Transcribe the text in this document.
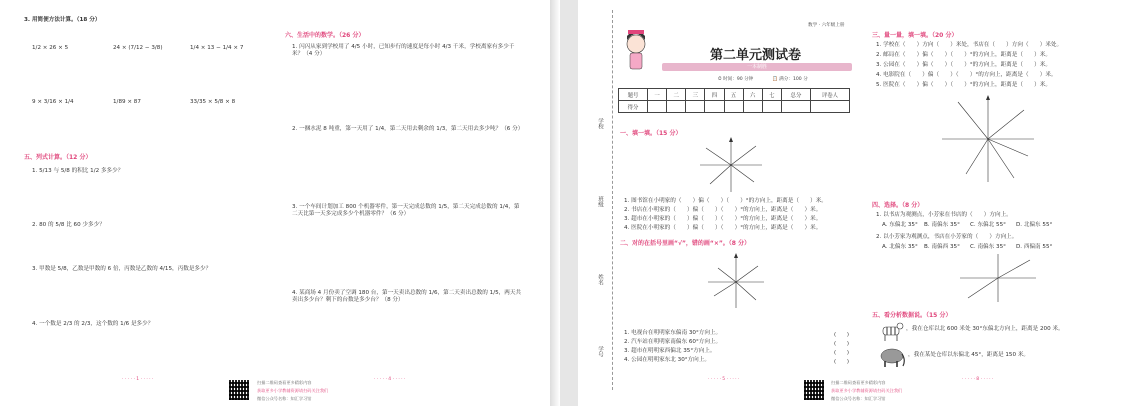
3. 用简便方法计算。（18 分）
1/2 × 26 × 5	24 × (7/12 − 3/8)	1/4 × 13 − 1/4 × 7
9 × 3/16 × 1/4	1/89 × 87	33/35 × 5/8 × 8
五、列式计算。（12 分）
1. 5/13 与 5/8 的积比 1/2 多多少？
2. 80 的 5/8 比 60 少多少？
3. 甲数是 5/8，乙数是甲数的 6 倍，丙数是乙数的 4/15，丙数是多少？
4. 一个数是 2/3 的 2/3，这个数的 1/6 是多少？
六、生活中的数学。（26 分）
1. 闪闪从家到学校用了 4/5 小时，已知步行的速度是每小时 4/3 千米，学校离家有多少千米？（4 分）
2. 一捆水泥 8 吨重，第一天用了 1/4，第二天用去剩余的 1/3，第二天用去多少吨？（6 分）
3. 一个车间计划加工 800 个机器零件，第一天完成总数的 1/5，第二天完成总数的 1/4，第二天比第一天多完成多少个机器零件？（6 分）
4. 某商场 4 月份卖了空调 180 台，第一天卖出总数的 1/6，第二天卖出总数的 1/5，两天共卖出多少台？剩下的台数是多少台？（8 分）
· · · · · 1 · · · · ·
扫描二维码查看更多精彩内容
获取更多小学教辅资源请扫码关注我们
微信公众号名称：知汇学习馆
· · · · · 4 · · · · ·
学校
班级
姓名
学号
数学 · 六年级上册
第二单元测试卷
一本制胜
⏱ 时间：90 分钟	📋 满分：100 分
题号	一	二	三	四	五	六	七	总分	评卷人
得分									
一、填一填。（15 分）
1. 图书馆在小明家的（　　）偏（　　）（　　）°的方向上，距离是（　　）米。
2. 书店在小明家的（　　）偏（　　）（　　）°的方向上，距离是（　　）米。
3. 超市在小明家的（　　）偏（　　）（　　）°的方向上，距离是（　　）米。
4. 医院在小明家的（　　）偏（　　）（　　）°的方向上，距离是（　　）米。
二、对的在括号里画“√”，错的画“×”。（8 分）
1. 电视台在明明家东偏南 30°方向上。
2. 汽车站在明明家南偏东 60°方向上。
3. 超市在明明家西偏北 35°方向上。
4. 公园在明明家东北 30°方向上。
(　　)
(　　)
(　　)
(　　)
三、量一量，填一填。（20 分）
1. 学校在（　　）方向（　　）米处，书店在（　　）方向（　　）米处。
2. 邮局在（　　）偏（　　）（　　）°的方向上，距离是（　　）米。
3. 公园在（　　）偏（　　）（　　）°的方向上，距离是（　　）米。
4. 电影院在（　　）偏（　　）（　　）°的方向上，距离是（　　）米。
5. 医院在（　　）偏（　　）（　　）°的方向上，距离是（　　）米。
四、选择。（8 分）
1. 以书店为观测点，小芳家在书店的（　　）方向上。
A. 东偏北 35° B. 南偏东 35° C. 东偏北 55° D. 北偏东 55°
2. 以小芳家为观测点，书店在小芳家的（　　）方向上。
A. 北偏东 35° B. 南偏西 35° C. 南偏东 35° D. 西偏南 55°
五、看分析数据说。（15 分）
，我在仓库以北 600 米处 30°东偏北方向上，距离是 200 米。
，我在某处仓库以东偏北 45°，距离是 150 米。
· · · · · 5 · · · · ·
扫描二维码查看更多精彩内容
获取更多小学教辅资源请扫码关注我们
微信公众号名称：知汇学习馆
· · · · · 8 · · · · ·
